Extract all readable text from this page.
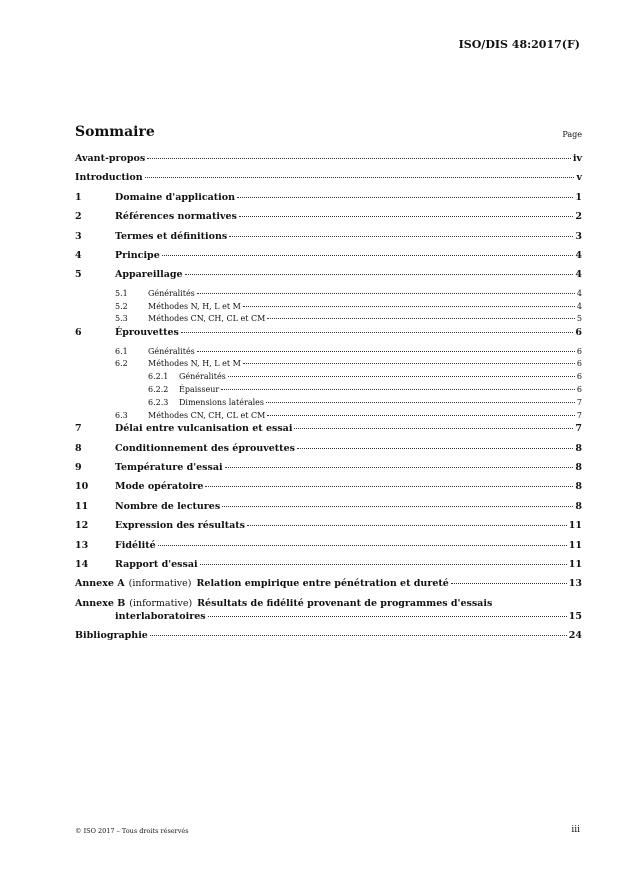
ISO/DIS 48:2017(F)
Sommaire	Page
Avant-propos	iv
Introduction	v
1	Domaine d'application	1
2	Références normatives	2
3	Termes et définitions	3
4	Principe	4
5	Appareillage	4
5.1	Généralités	4
5.2	Méthodes N, H, L et M	4
5.3	Méthodes CN, CH, CL et CM	5
6	Éprouvettes	6
6.1	Généralités	6
6.2	Méthodes N, H, L et M	6
6.2.1 Généralités	6
6.2.2 Épaisseur	6
6.2.3 Dimensions latérales	7
6.3	Méthodes CN, CH, CL et CM	7
7	Délai entre vulcanisation et essai	7
8	Conditionnement des éprouvettes	8
9	Température d'essai	8
10	Mode opératoire	8
11	Nombre de lectures	8
12	Expression des résultats	11
13	Fidélité	11
14	Rapport d'essai	11
Annexe A (informative) Relation empirique entre pénétration et dureté	13
Annexe B (informative) Résultats de fidélité provenant de programmes d'essais
interlaboratoires	15
Bibliographie	24
© ISO 2017 – Tous droits réservés	iii
